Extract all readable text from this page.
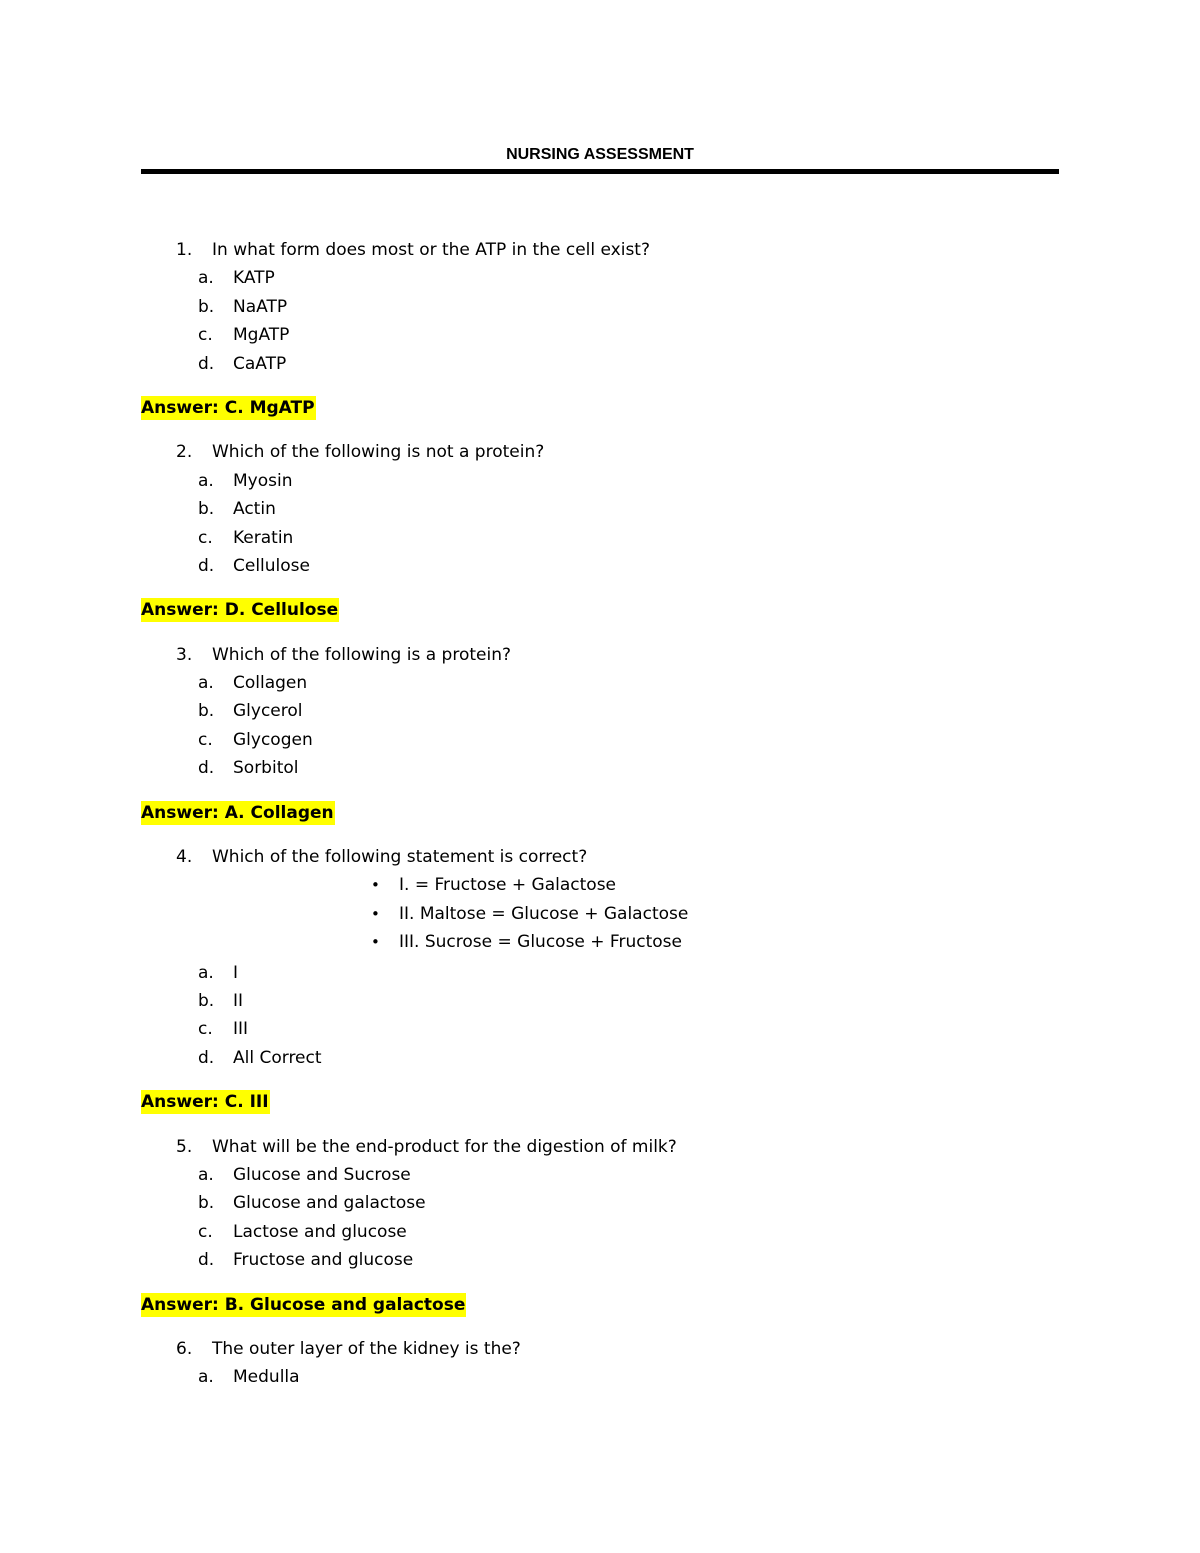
NURSING ASSESSMENT
1. In what form does most or the ATP in the cell exist?
a. KATP
b. NaATP
c. MgATP
d. CaATP
Answer: C. MgATP
2. Which of the following is not a protein?
a. Myosin
b. Actin
c. Keratin
d. Cellulose
Answer: D. Cellulose
3. Which of the following is a protein?
a. Collagen
b. Glycerol
c. Glycogen
d. Sorbitol
Answer: A. Collagen
4. Which of the following statement is correct?
• I. = Fructose + Galactose
• II. Maltose = Glucose + Galactose
• III. Sucrose = Glucose + Fructose
a. I
b. II
c. III
d. All Correct
Answer: C. III
5. What will be the end-product for the digestion of milk?
a. Glucose and Sucrose
b. Glucose and galactose
c. Lactose and glucose
d. Fructose and glucose
Answer: B. Glucose and galactose
6. The outer layer of the kidney is the?
a. Medulla
